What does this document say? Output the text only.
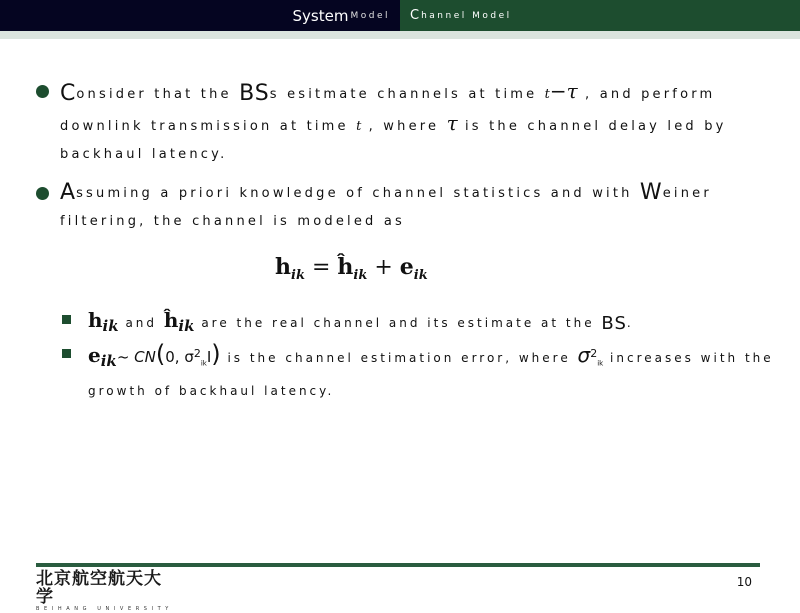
System Model C hannel Model
Consider that the BSs esitmate channels at time t−τ , and perform downlink transmission at time t , where τ is the channel delay led by backhaul latency.
Assuming a priori knowledge of channel statistics and with Weiner filtering, the channel is modeled as
$h_{ik}$ = $ĥ_{ik} + e_{ik}$
hik and ĥik are the real channel and its estimate at the BS.
eik~ CN(0, $\sigma^2_{ik}I$) is the channel estimation error, where $\sigma^2_{ik}$ increases with the growth of backhaul latency.
北京航空航天大学
BEIHANG UNIVERSITY
10
